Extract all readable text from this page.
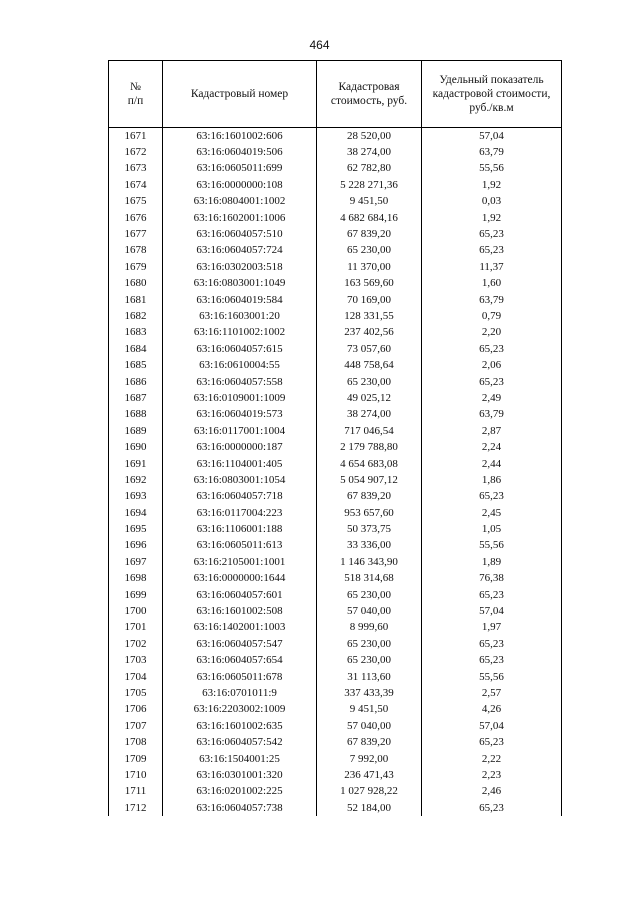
464
№
п/п	Кадастровый номер	Кадастровая стоимость, руб.	Удельный показатель кадастровой стоимости, руб./кв.м

1671	63:16:1601002:606	28 520,00	57,04
1672	63:16:0604019:506	38 274,00	63,79
1673	63:16:0605011:699	62 782,80	55,56
1674	63:16:0000000:108	5 228 271,36	1,92
1675	63:16:0804001:1002	9 451,50	0,03
1676	63:16:1602001:1006	4 682 684,16	1,92
1677	63:16:0604057:510	67 839,20	65,23
1678	63:16:0604057:724	65 230,00	65,23
1679	63:16:0302003:518	11 370,00	11,37
1680	63:16:0803001:1049	163 569,60	1,60
1681	63:16:0604019:584	70 169,00	63,79
1682	63:16:1603001:20	128 331,55	0,79
1683	63:16:1101002:1002	237 402,56	2,20
1684	63:16:0604057:615	73 057,60	65,23
1685	63:16:0610004:55	448 758,64	2,06
1686	63:16:0604057:558	65 230,00	65,23
1687	63:16:0109001:1009	49 025,12	2,49
1688	63:16:0604019:573	38 274,00	63,79
1689	63:16:0117001:1004	717 046,54	2,87
1690	63:16:0000000:187	2 179 788,80	2,24
1691	63:16:1104001:405	4 654 683,08	2,44
1692	63:16:0803001:1054	5 054 907,12	1,86
1693	63:16:0604057:718	67 839,20	65,23
1694	63:16:0117004:223	953 657,60	2,45
1695	63:16:1106001:188	50 373,75	1,05
1696	63:16:0605011:613	33 336,00	55,56
1697	63:16:2105001:1001	1 146 343,90	1,89
1698	63:16:0000000:1644	518 314,68	76,38
1699	63:16:0604057:601	65 230,00	65,23
1700	63:16:1601002:508	57 040,00	57,04
1701	63:16:1402001:1003	8 999,60	1,97
1702	63:16:0604057:547	65 230,00	65,23
1703	63:16:0604057:654	65 230,00	65,23
1704	63:16:0605011:678	31 113,60	55,56
1705	63:16:0701011:9	337 433,39	2,57
1706	63:16:2203002:1009	9 451,50	4,26
1707	63:16:1601002:635	57 040,00	57,04
1708	63:16:0604057:542	67 839,20	65,23
1709	63:16:1504001:25	7 992,00	2,22
1710	63:16:0301001:320	236 471,43	2,23
1711	63:16:0201002:225	1 027 928,22	2,46
1712	63:16:0604057:738	52 184,00	65,23
